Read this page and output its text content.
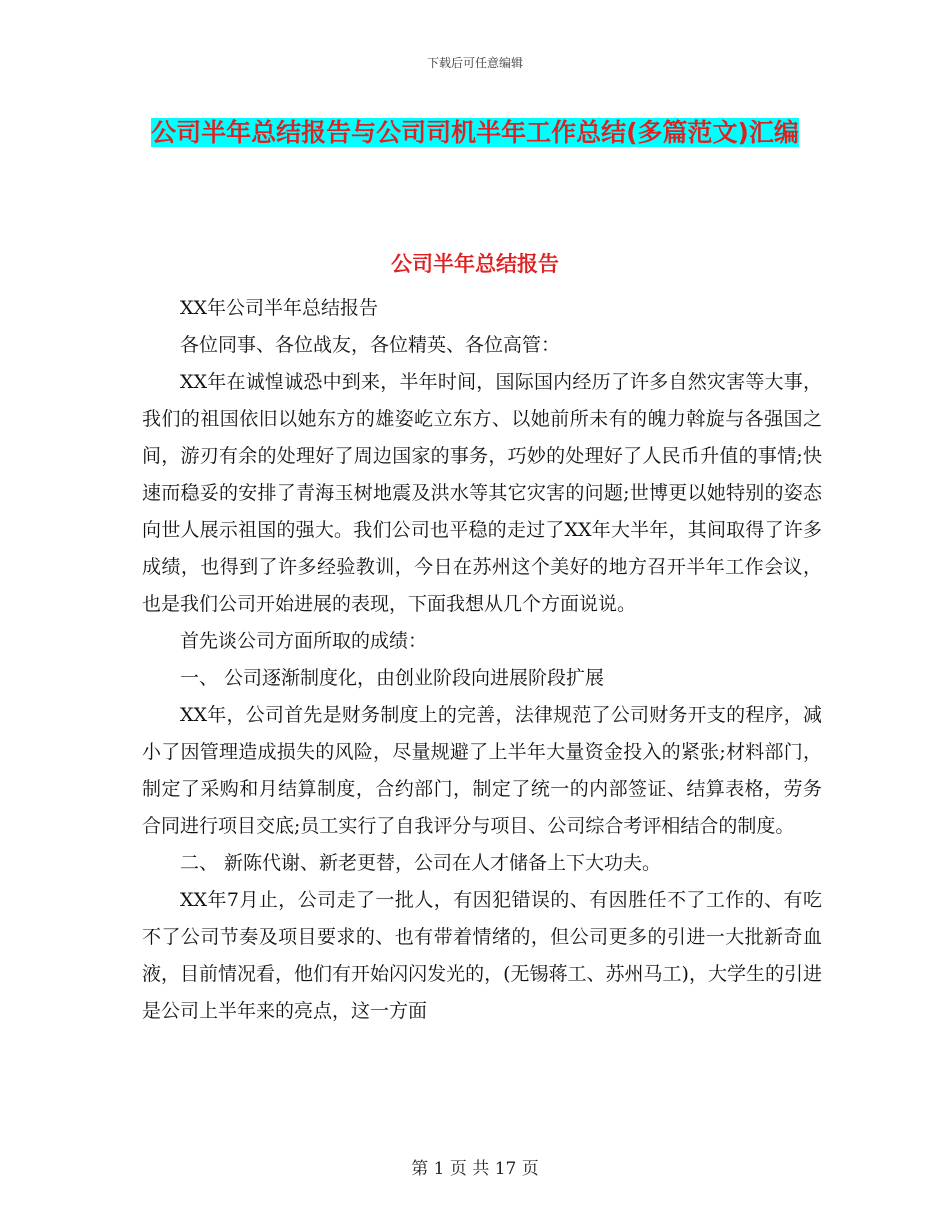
下载后可任意编辑
公司半年总结报告与公司司机半年工作总结(多篇范文)汇编
公司半年总结报告

XX年公司半年总结报告

各位同事、各位战友，各位精英、各位高管：

XX年在诚惶诚恐中到来，半年时间，国际国内经历了许多自然灾害等大事，我们的祖国依旧以她东方的雄姿屹立东方、以她前所未有的魄力斡旋与各强国之间，游刃有余的处理好了周边国家的事务，巧妙的处理好了人民币升值的事情;快速而稳妥的安排了青海玉树地震及洪水等其它灾害的问题;世博更以她特别的姿态向世人展示祖国的强大。我们公司也平稳的走过了XX年大半年，其间取得了许多成绩，也得到了许多经验教训，今日在苏州这个美好的地方召开半年工作会议，也是我们公司开始进展的表现，下面我想从几个方面说说。

首先谈公司方面所取的成绩：

一、 公司逐渐制度化，由创业阶段向进展阶段扩展

XX年，公司首先是财务制度上的完善，法律规范了公司财务开支的程序，减小了因管理造成损失的风险，尽量规避了上半年大量资金投入的紧张;材料部门，制定了采购和月结算制度，合约部门，制定了统一的内部签证、结算表格，劳务合同进行项目交底;员工实行了自我评分与项目、公司综合考评相结合的制度。

二、 新陈代谢、新老更替，公司在人才储备上下大功夫。

XX年7月止，公司走了一批人，有因犯错误的、有因胜任不了工作的、有吃不了公司节奏及项目要求的、也有带着情绪的，但公司更多的引进一大批新奇血液，目前情况看，他们有开始闪闪发光的，(无锡蒋工、苏州马工)，大学生的引进是公司上半年来的亮点，这一方面

第 1 页 共 17 页
